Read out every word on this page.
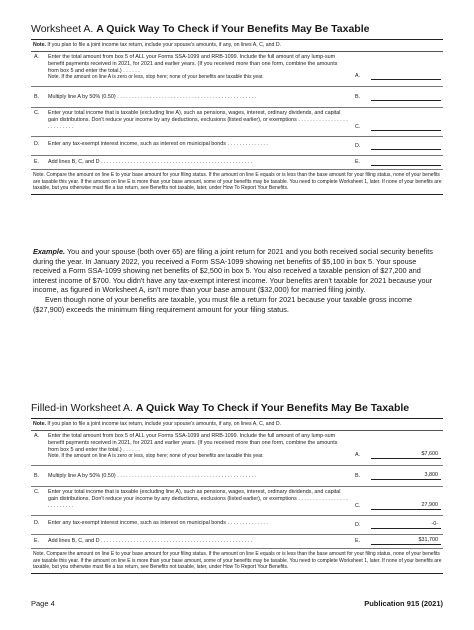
Worksheet A. A Quick Way To Check if Your Benefits May Be Taxable
Note. If you plan to file a joint income tax return, include your spouse's amounts, if any, on lines A, C, and D.
A. Enter the total amount from box 5 of ALL your Forms SSA-1099 and RRB-1099. Include the full amount of any lump-sum benefit payments received in 2021, for 2021 and earlier years. (If you received more than one form, combine the amounts from box 5 and enter the total.) . . . . . .
Note. If the amount on line A is zero or less, stop here; none of your benefits are taxable this year.	A.
B. Multiply line A by 50% (0.50) . . . . . . . . . . . . . . . . . . . . . . . . . . . . . . . . . . . . . . . . . . . . . . .	B.
C. Enter your total income that is taxable (excluding line A), such as pensions, wages, interest, ordinary dividends, and capital gain distributions. Don't reduce your income by any deductions, exclusions (listed earlier), or exemptions . . . . . . . . . . . . . . . . . . . . . . . . . .	C.
D. Enter any tax-exempt interest income, such as interest on municipal bonds . . . . . . . . . . . . . .	D.
E. Add lines B, C, and D . . . . . . . . . . . . . . . . . . . . . . . . . . . . . . . . . . . . . . . . . . . . . . . . . . .	E.
Note. Compare the amount on line E to your base amount for your filing status. If the amount on line E equals or is less than the base amount for your filing status, none of your benefits are taxable this year. If the amount on line E is more than your base amount, some of your benefits may be taxable. You need to complete Worksheet 1, later. If none of your benefits are taxable, but you otherwise must file a tax return, see Benefits not taxable, later, under How To Report Your Benefits.

Example. You and your spouse (both over 65) are filing a joint return for 2021 and you both received social security benefits during the year. In January 2022, you received a Form SSA-1099 showing net benefits of $5,100 in box 5. Your spouse received a Form SSA-1099 showing net benefits of $2,500 in box 5. You also received a taxable pension of $27,200 and interest income of $700. You didn't have any tax-exempt interest income. Your benefits aren't taxable for 2021 because your income, as figured in Worksheet A, isn't more than your base amount ($32,000) for married filing jointly.

Even though none of your benefits are taxable, you must file a return for 2021 because your taxable gross income ($27,900) exceeds the minimum filing requirement amount for your filing status.

Filled-in Worksheet A. A Quick Way To Check if Your Benefits May Be Taxable
Note. If you plan to file a joint income tax return, include your spouse's amounts, if any, on lines A, C, and D.
A. Enter the total amount from box 5 of ALL your Forms SSA-1099 and RRB-1099. Include the full amount of any lump-sum benefit payments received in 2021, for 2021 and earlier years. (If you received more than one form, combine the amounts from box 5 and enter the total.) . . . . . .
Note. If the amount on line A is zero or less, stop here; none of your benefits are taxable this year.	A.	$7,600
B. Multiply line A by 50% (0.50) . . . . . . . . . . . . . . . . . . . . . . . . . . . . . . . . . . . . . . . . . . . . . . .	B.	3,800
C. Enter your total income that is taxable (excluding line A), such as pensions, wages, interest, ordinary dividends, and capital gain distributions. Don't reduce your income by any deductions, exclusions (listed earlier), or exemptions . . . . . . . . . . . . . . . . . . . . . . . . . .	C.	27,900
D. Enter any tax-exempt interest income, such as interest on municipal bonds . . . . . . . . . . . . . .	D.	-0-
E. Add lines B, C, and D . . . . . . . . . . . . . . . . . . . . . . . . . . . . . . . . . . . . . . . . . . . . . . . . . . .	E.	$31,700
Note. Compare the amount on line E to your base amount for your filing status. If the amount on line E equals or is less than the base amount for your filing status, none of your benefits are taxable this year. If the amount on line E is more than your base amount, some of your benefits may be taxable. You need to complete Worksheet 1, later. If none of your benefits are taxable, but you otherwise must file a tax return, see Benefits not taxable, later, under How To Report Your Benefits.
Page 4	Publication 915 (2021)
